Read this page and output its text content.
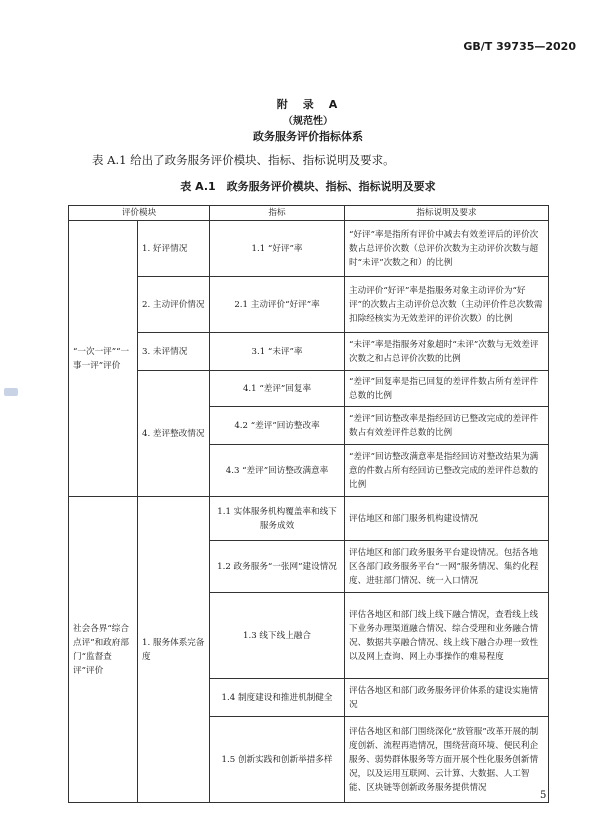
GB/T 39735—2020
附　录　A
（规范性）
政务服务评价指标体系
表 A.1 给出了政务服务评价模块、指标、指标说明及要求。
表 A.1　政务服务评价模块、指标、指标说明及要求
评价模块		指标	指标说明及要求
“一次一评”“一事一评”评价	1. 好评情况	1.1 “好评”率	“好评”率是指所有评价中减去有效差评后的评价次数占总评价次数（总评价次数为主动评价次数与超时“未评”次数之和）的比例
	2. 主动评价情况	2.1 主动评价“好评”率	主动评价“好评”率是指服务对象主动评价为“好评”的次数占主动评价总次数（主动评价件总次数需扣除经核实为无效差评的评价次数）的比例
	3. 未评情况	3.1 “未评”率	“未评”率是指服务对象超时“未评”次数与无效差评次数之和占总评价次数的比例
	4. 差评整改情况	4.1 “差评”回复率	“差评”回复率是指已回复的差评件数占所有差评件总数的比例
		4.2 “差评”回访整改率	“差评”回访整改率是指经回访已整改完成的差评件数占有效差评件总数的比例
		4.3 “差评”回访整改满意率	“差评”回访整改满意率是指经回访对整改结果为满意的件数占所有经回访已整改完成的差评件总数的比例
社会各界“综合点评”和政府部门“监督查评”评价	1. 服务体系完备度	1.1 实体服务机构覆盖率和线下服务成效	评估地区和部门服务机构建设情况
		1.2 政务服务“一张网”建设情况	评估地区和部门政务服务平台建设情况。包括各地区各部门政务服务平台“一网”服务情况、集约化程度、进驻部门情况、统一入口情况
		1.3 线下线上融合	评估各地区和部门线上线下融合情况，查看线上线下业务办理渠道融合情况、综合受理和业务融合情况、数据共享融合情况、线上线下融合办理一致性以及网上查询、网上办事操作的难易程度
		1.4 制度建设和推进机制健全	评估各地区和部门政务服务评价体系的建设实施情况
		1.5 创新实践和创新举措多样	评估各地区和部门围绕深化“放管服”改革开展的制度创新、流程再造情况，围绕营商环境、便民利企服务、弱势群体服务等方面开展个性化服务创新情况，以及运用互联网、云计算、大数据、人工智能、区块链等创新政务服务提供情况
5
